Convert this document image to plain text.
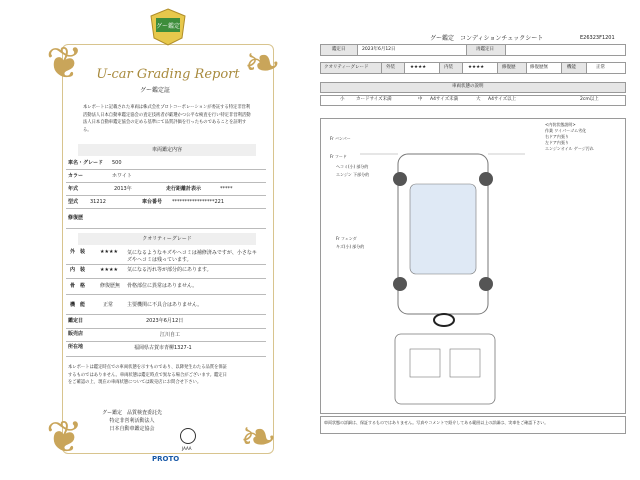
❦	❧
❦	❧
グー鑑定
U-car Grading Report
グー鑑定証
本レポートに記載された車両は株式会社プロトコーポレーションが委託する特定非営利活動法人日本自動車鑑定協会の査定技術者が厳選かつ公平な検査を行い特定非営利活動法人日本自動車鑑定協会の定める基準にて品質評価を行ったものであることを証明する。
車両鑑定内容
車名・グレード 500
カラー	ホワイト
年式	2013年	走行距離計表示	*****
型式 31212	車台番号 *****************221
修復歴
クオリティーグレード
外　装	★★★★ 気になるようなキズやヘコミは補修済みですが、小さなキズやヘコミは残っています。
内　装	★★★★ 気になる汚れ等が部分的にあります。
骨　格	修復歴無 骨格部位に異常はありません。
機　能	正常	主要機関に不具合はありません。
鑑定日	2023年6月12日
販売店	江川自工
所在地	福岡県古賀市青柳1327-1
本レポートは鑑定時点での車両状態を示すものであり、以降発生わたる品質を保証するものではありません。車両状態は鑑定時点で異なる場合がございます。鑑定日をご確認の上、現在の車両状態については販売店にお問合せ下さい。
グー鑑定　品質検査委託先
特定非営利活動法人
日本自動車鑑定協会
JAAA
PROTO
グー鑑定　コンディションチェックシート	E26323F1201
鑑定日	2023年6月12日	再鑑定日
クオリティーグレード	外装	★★★★	内装	★★★★	修復歴	修復歴無	機能	正常
車両状態の説明
小	カードサイズ未満	中 A4サイズ未満	大 A4サイズ以上	2cm以上
Fr バンパー
Fr フード
ヘコミ(小) 部分的
エンジン 下部分的
Fr フェンダ
キズ(小) 部分的
<内装状態説明>
作業 ワイパーゴム劣化
右ドア内張り
左ドア内張り
エンジンオイル ゲージ汚れ
車両状態の詳細は、保証するものではありません。写真やコメントで紹介してある範囲以上の詳細は、実車をご確認下さい。
